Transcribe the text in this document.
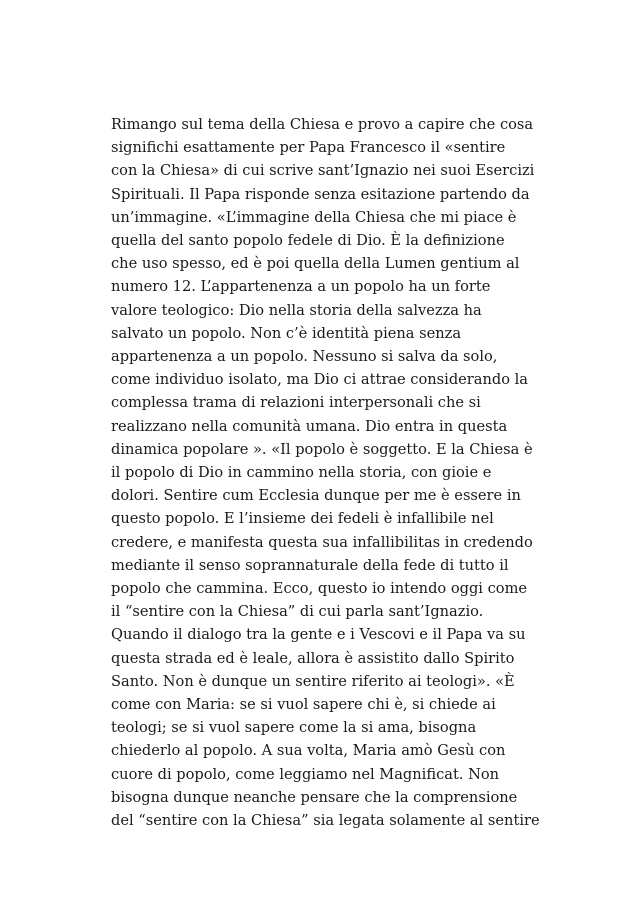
Rimango sul tema della Chiesa e provo a capire che cosa
significhi esattamente per Papa Francesco il «sentire
con la Chiesa» di cui scrive sant’Ignazio nei suoi Esercizi
Spirituali. Il Papa risponde senza esitazione partendo da
un’immagine. «L’immagine della Chiesa che mi piace è
quella del santo popolo fedele di Dio. È la definizione
che uso spesso, ed è poi quella della Lumen gentium al
numero 12. L’appartenenza a un popolo ha un forte
valore teologico: Dio nella storia della salvezza ha
salvato un popolo. Non c’è identità piena senza
appartenenza a un popolo. Nessuno si salva da solo,
come individuo isolato, ma Dio ci attrae considerando la
complessa trama di relazioni interpersonali che si
realizzano nella comunità umana. Dio entra in questa
dinamica popolare ». «Il popolo è soggetto. E la Chiesa è
il popolo di Dio in cammino nella storia, con gioie e
dolori. Sentire cum Ecclesia dunque per me è essere in
questo popolo. E l’insieme dei fedeli è infallibile nel
credere, e manifesta questa sua infallibilitas in credendo
mediante il senso soprannaturale della fede di tutto il
popolo che cammina. Ecco, questo io intendo oggi come
il “sentire con la Chiesa” di cui parla sant’Ignazio.
Quando il dialogo tra la gente e i Vescovi e il Papa va su
questa strada ed è leale, allora è assistito dallo Spirito
Santo. Non è dunque un sentire riferito ai teologi». «È
come con Maria: se si vuol sapere chi è, si chiede ai
teologi; se si vuol sapere come la si ama, bisogna
chiederlo al popolo. A sua volta, Maria amò Gesù con
cuore di popolo, come leggiamo nel Magnificat. Non
bisogna dunque neanche pensare che la comprensione
del “sentire con la Chiesa” sia legata solamente al sentire
